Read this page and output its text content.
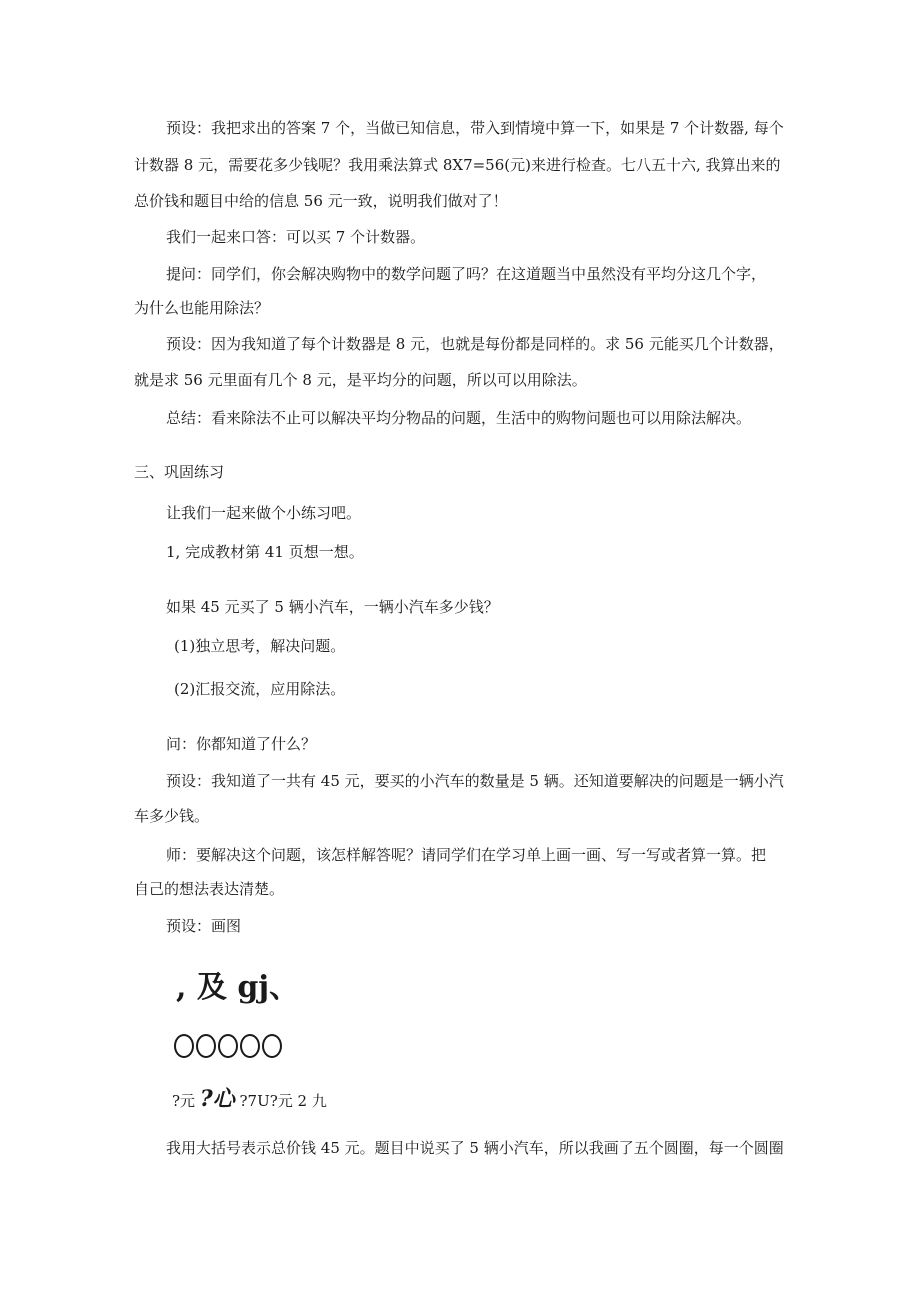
预设：我把求出的答案 7 个，当做已知信息，带入到情境中算一下，如果是 7 个计数器, 每个
计数器 8 元，需要花多少钱呢？我用乘法算式 8X7=56(元)来进行检查。七八五十六, 我算出来的
总价钱和题目中给的信息 56 元一致，说明我们做对了！
我们一起来口答：可以买 7 个计数器。
提问：同学们，你会解决购物中的数学问题了吗？在这道题当中虽然没有平均分这几个字，
为什么也能用除法？
预设：因为我知道了每个计数器是 8 元，也就是每份都是同样的。求 56 元能买几个计数器，
就是求 56 元里面有几个 8 元，是平均分的问题，所以可以用除法。
总结：看来除法不止可以解决平均分物品的问题，生活中的购物问题也可以用除法解决。
三、巩固练习
让我们一起来做个小练习吧。
1, 完成教材第 41 页想一想。
如果 45 元买了 5 辆小汽车，一辆小汽车多少钱？
(1)独立思考，解决问题。
(2)汇报交流，应用除法。
问：你都知道了什么？
预设：我知道了一共有 45 元，要买的小汽车的数量是 5 辆。还知道要解决的问题是一辆小汽
车多少钱。
师：要解决这个问题，该怎样解答呢？请同学们在学习单上画一画、写一写或者算一算。把
自己的想法表达清楚。
预设：画图
, 及 gj、
?元 ?心 ?7U?元 2 九
我用大括号表示总价钱 45 元。题目中说买了 5 辆小汽车，所以我画了五个圆圈，每一个圆圈
